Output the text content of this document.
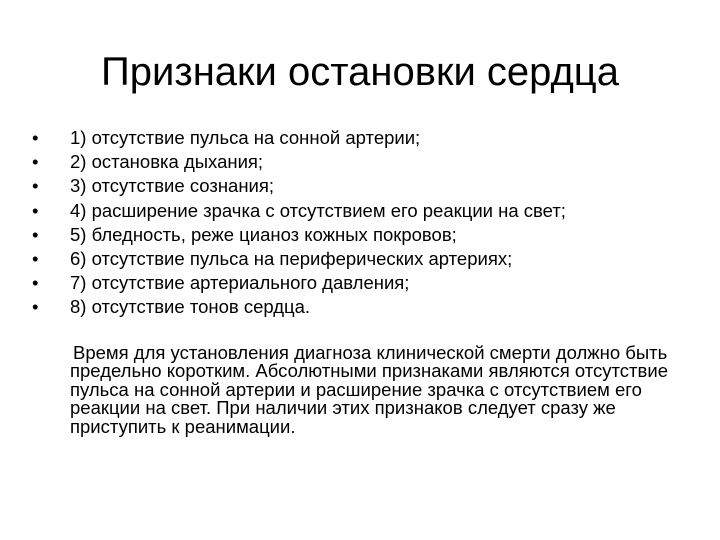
Признаки остановки сердца
• 1) отсутствие пульса на сонной артерии;
• 2) остановка дыхания;
• 3) отсутствие сознания;
• 4) расширение зрачка с отсутствием его реакции на свет;
• 5) бледность, реже цианоз кожных покровов;
• 6) отсутствие пульса на периферических артериях;
• 7) отсутствие артериального давления;
• 8) отсутствие тонов сердца.

Время для установления диагноза клинической смерти должно быть предельно коротким. Абсолютными признаками являются отсутствие пульса на сонной артерии и расширение зрачка с отсутствием его реакции на свет. При наличии этих признаков следует сразу же приступить к реанимации.
